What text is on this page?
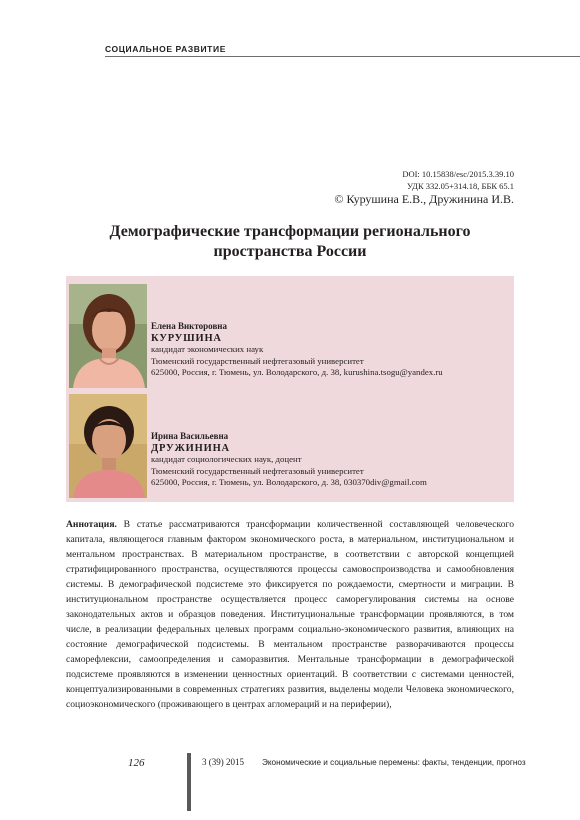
СОЦИАЛЬНОЕ РАЗВИТИЕ
DOI: 10.15838/esc/2015.3.39.10
УДК 332.05+314.18, ББК 65.1
© Курушина Е.В., Дружинина И.В.
Демографические трансформации регионального пространства России
Елена Викторовна
КУРУШИНА
кандидат экономических наук
Тюменский государственный нефтегазовый университет
625000, Россия, г. Тюмень, ул. Володарского, д. 38, kurushina.tsogu@yandex.ru
Ирина Васильевна
ДРУЖИНИНА
кандидат социологических наук, доцент
Тюменский государственный нефтегазовый университет
625000, Россия, г. Тюмень, ул. Володарского, д. 38, 030370div@gmail.com
Аннотация. В статье рассматриваются трансформации количественной составляющей человеческого капитала, являющегося главным фактором экономического роста, в материальном, институциональном и ментальном пространствах. В материальном пространстве, в соответствии с авторской концепцией стратифицированного пространства, осуществляются процессы самовоспроизводства и самообновления системы. В демографической подсистеме это фиксируется по рождаемости, смертности и миграции. В институциональном пространстве осуществляется процесс саморегулирования системы на основе законодательных актов и образцов поведения. Институциональные трансформации проявляются, в том числе, в реализации федеральных целевых программ социально-экономического развития, влияющих на состояние демографической подсистемы. В ментальном пространстве разворачиваются процессы саморефлексии, самоопределения и саморазвития. Ментальные трансформации в демографической подсистеме проявляются в изменении ценностных ориентаций. В соответствии с системами ценностей, концептуализированными в современных стратегиях развития, выделены модели Человека экономического, социоэкономического (проживающего в центрах агломераций и на периферии),
126	3 (39) 2015 Экономические и социальные перемены: факты, тенденции, прогноз
